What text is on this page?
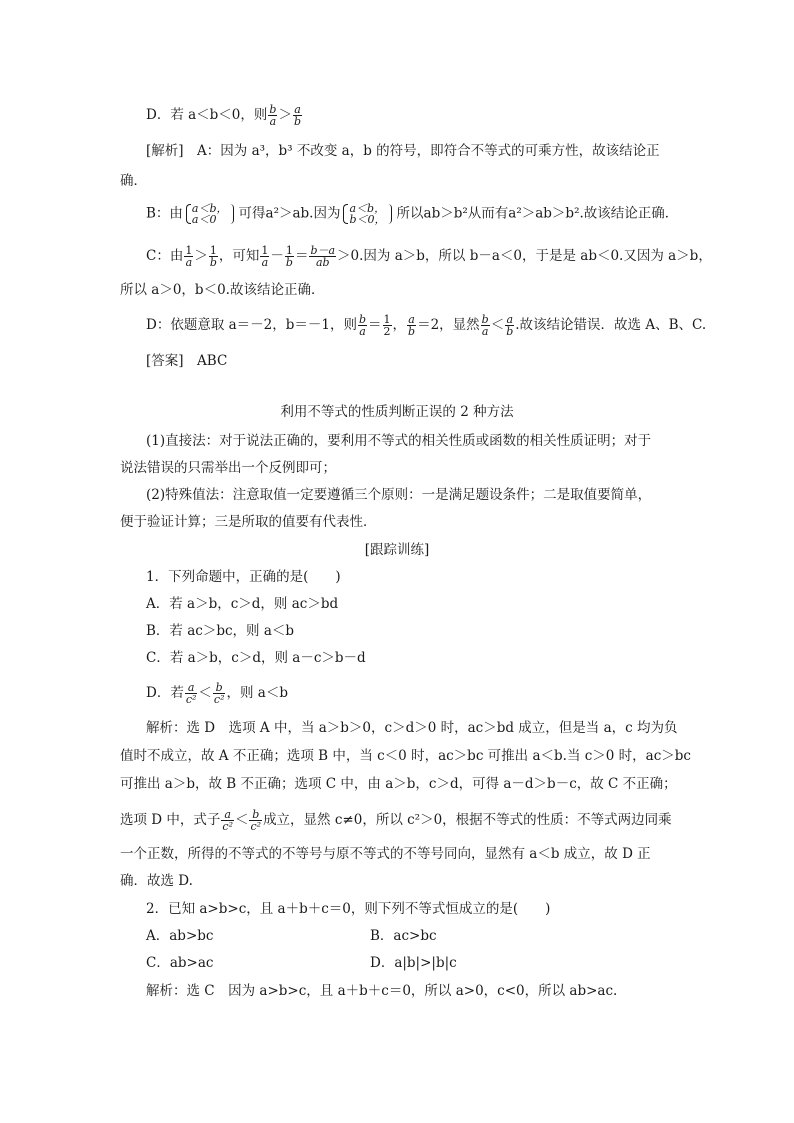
D．若 a＜b＜0，则 $\frac{b}{a} > \frac{a}{b}$
[解析]　A：因为 a³，b³ 不改变 a，b 的符号，即符合不等式的可乘方性，故该结论正
确．
B：由 a＜b，
a＜0	可得a²＞ab.因为 a＜b，
b＜0， 所以ab＞b²从而有a²＞ab＞b².故该结论正确．
C：由 $\frac{1}{a} > \frac{1}{b}$ ，可知 $\frac{1}{a} - \frac{1}{b} = \frac{b-a}{ab} >0$.因为 a＞b，所以 b－a＜0，于是是 ab＜0.又因为 a＞b，
所以 a＞0，b＜0.故该结论正确．
D：依题意取 a＝－2，b＝－1，则 $\frac{b}{a} = \frac{1}{2}$ ， $\frac{a}{b} =2$，显然 $\frac{b}{a} < \frac{a}{b}$ .故该结论错误．故选 A、B、C.
[答案]　ABC
利用不等式的性质判断正误的 2 种方法
(1)直接法：对于说法正确的，要利用不等式的相关性质或函数的相关性质证明；对于
说法错误的只需举出一个反例即可；
(2)特殊值法：注意取值一定要遵循三个原则：一是满足题设条件；二是取值要简单，
便于验证计算；三是所取的值要有代表性．
[跟踪训练]
1．下列命题中，正确的是(　　)
A．若 a＞b，c＞d，则 ac＞bd
B．若 ac＞bc，则 a＜b
C．若 a＞b，c＞d，则 a－c＞b－d
D．若 $\frac{a}{\text{c²}} < \frac{b}{\text{c²}}$ ，则 a＜b
解析：选 D　选项 A 中，当 a＞b＞0，c＞d＞0 时，ac＞bd 成立，但是当 a，c 均为负
值时不成立，故 A 不正确；选项 B 中，当 c＜0 时，ac＞bc 可推出 a＜b.当 c＞0 时，ac＞bc
可推出 a＞b，故 B 不正确；选项 C 中，由 a＞b，c＞d，可得 a－d＞b－c，故 C 不正确；
选项 D 中，式子 $\frac{a}{\text{c²}} < \frac{b}{\text{c²}}$ 成立，显然 c≠0，所以 c²＞0，根据不等式的性质：不等式两边同乘
一个正数，所得的不等式的不等号与原不等式的不等号同向，显然有 a＜b 成立，故 D 正
确．故选 D.
2．已知 a>b>c，且 a＋b＋c＝0，则下列不等式恒成立的是(　　)
A．ab>bc	B．ac>bc
C．ab>ac	D．a|b|>|b|c
解析：选 C　因为 a>b>c，且 a＋b＋c＝0，所以 a>0，c<0，所以 ab>ac.
